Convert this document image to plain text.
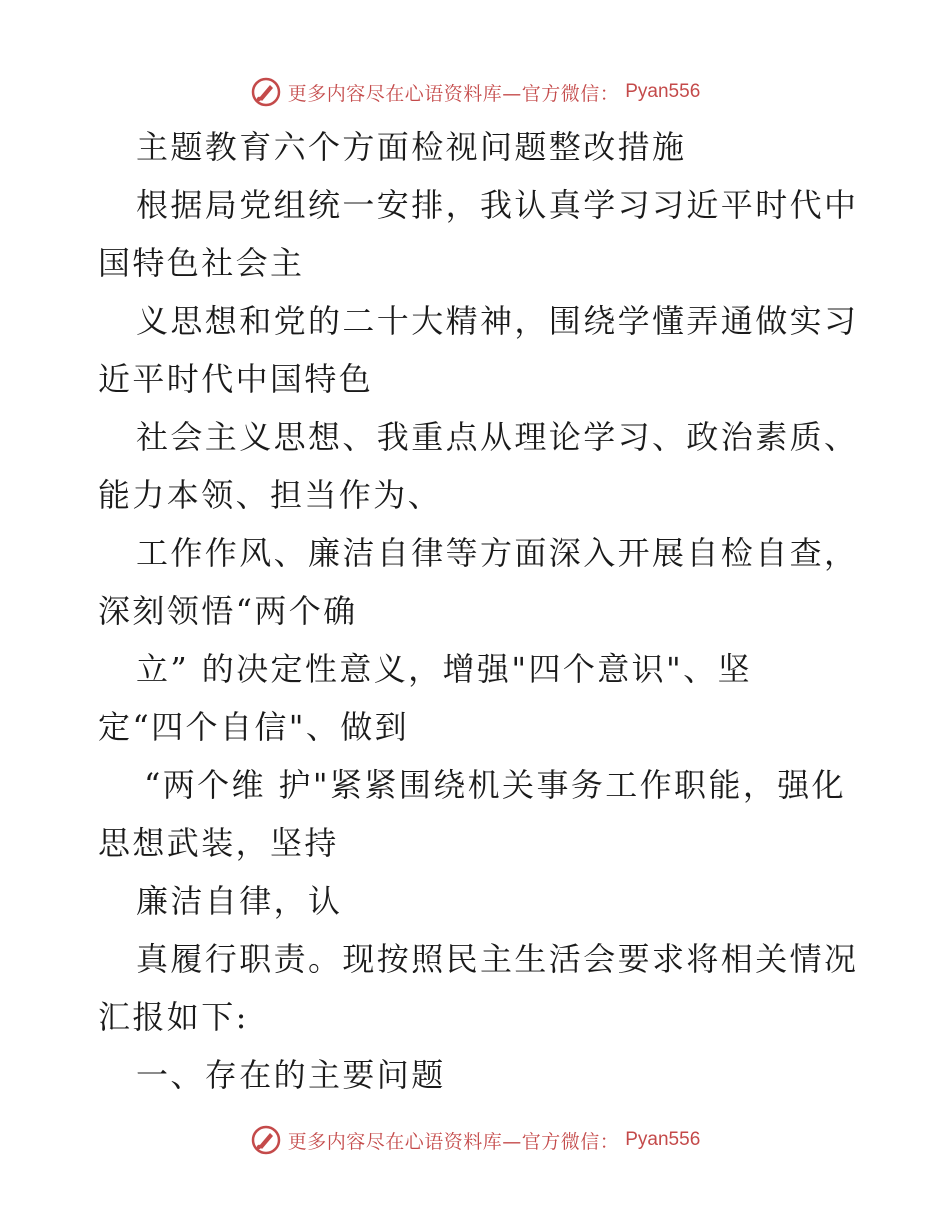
更多内容尽在心语资料库—官方微信： Pyan556
主题教育六个方面检视问题整改措施
根据局党组统一安排，我认真学习习近平时代中
国特色社会主
义思想和党的二十大精神，围绕学懂弄通做实习
近平时代中国特色
社会主义思想、我重点从理论学习、政治素质、
能力本领、担当作为、
工作作风、廉洁自律等方面深入开展自检自查，
深刻领悟“两个确
立” 的决定性意义，增强"四个意识"、坚
定“四个自信"、做到
“两个维 护"紧紧围绕机关事务工作职能，强化
思想武装，坚持
廉洁自律，认
真履行职责。现按照民主生活会要求将相关情况
汇报如下:
一、存在的主要问题
更多内容尽在心语资料库—官方微信： Pyan556
